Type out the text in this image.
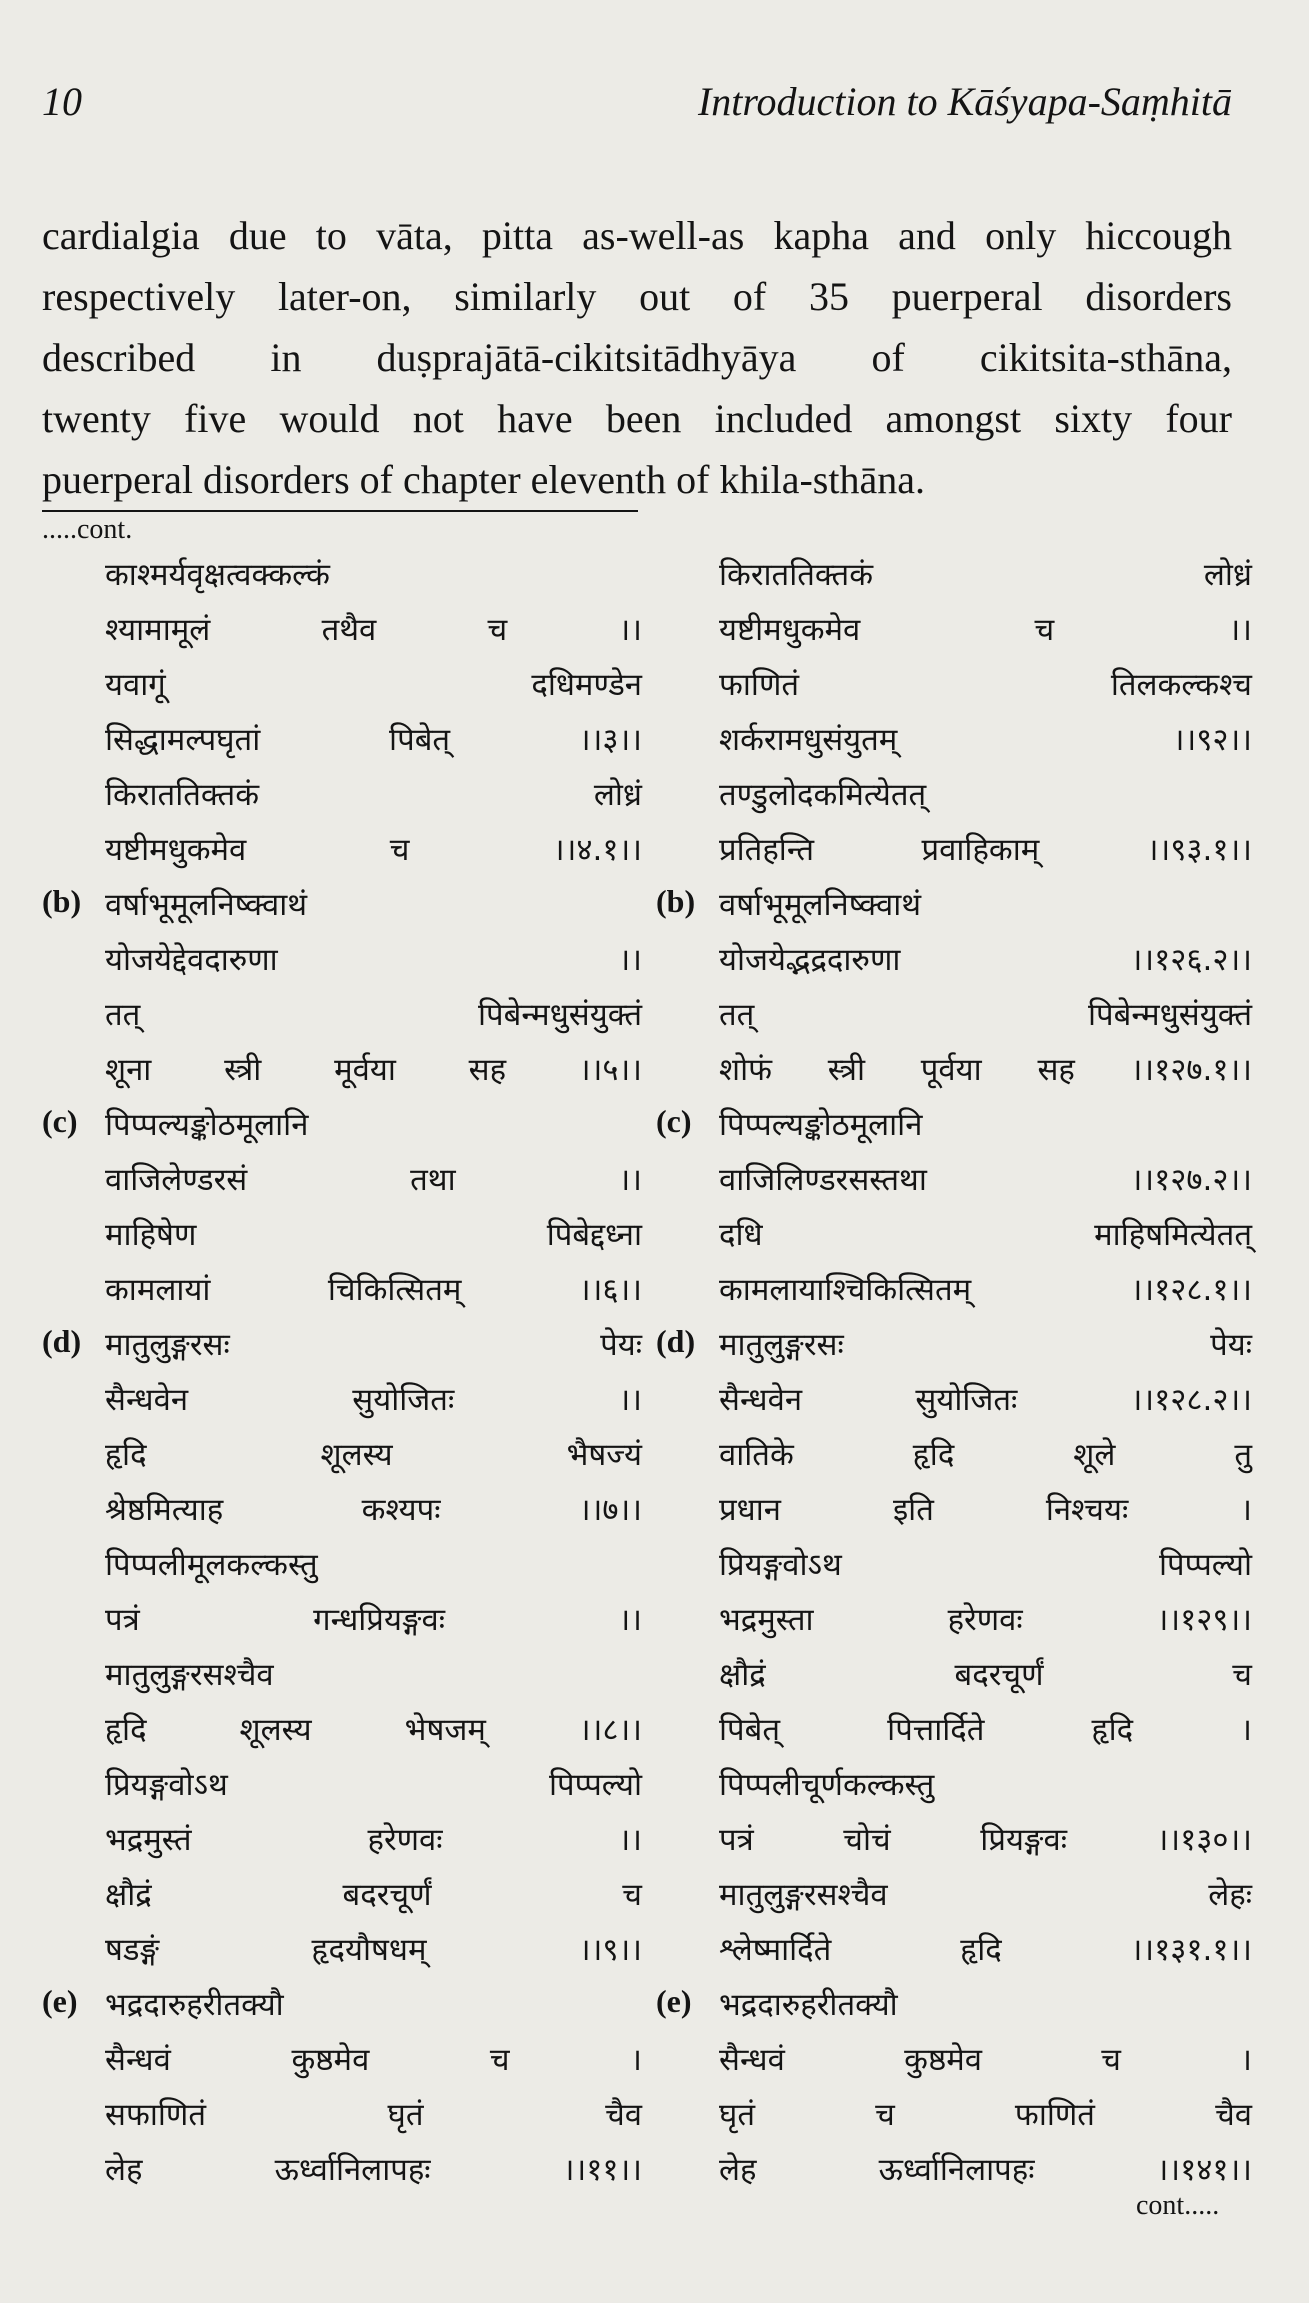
10	Introduction to Kāśyapa-Saṃhitā
cardialgia due to vāta, pitta as-well-as kapha and only hiccough
respectively later-on, similarly out of 35 puerperal disorders
described in duṣprajātā-cikitsitādhyāya of cikitsita-sthāna,
twenty five would not have been included amongst sixty four
puerperal disorders of chapter eleventh of khila-sthāna.
.....cont.
काश्मर्यवृक्षत्वक्कल्कं
श्यामामूलं तथैव च ।।
यवागूं दधिमण्डेन
सिद्धामल्पघृतां पिबेत् ।।३।।
किराततिक्तकं लोध्रं
यष्टीमधुकमेव च ।।४.१।।
(b) वर्षाभूमूलनिष्क्वाथं
योजयेद्देवदारुणा ।।
तत् पिबेन्मधुसंयुक्तं
शूना स्त्री मूर्वया सह ।।५।।
(c) पिप्पल्यङ्कोठमूलानि
वाजिलेण्डरसं तथा ।।
माहिषेण पिबेद्दध्ना
कामलायां चिकित्सितम् ।।६।।
(d) मातुलुङ्गरसः पेयः
सैन्धवेन सुयोजितः ।।
हृदि शूलस्य भैषज्यं
श्रेष्ठमित्याह कश्यपः ।।७।।
पिप्पलीमूलकल्कस्तु
पत्रं गन्धप्रियङ्गवः ।।
मातुलुङ्गरसश्चैव
हृदि शूलस्य भेषजम् ।।८।।
प्रियङ्गवोऽथ पिप्पल्यो
भद्रमुस्तं हरेणवः ।।
क्षौद्रं बदरचूर्णं च
षडङ्गं हृदयौषधम् ।।९।।
(e) भद्रदारुहरीतक्यौ
सैन्धवं कुष्ठमेव च ।
सफाणितं घृतं चैव
लेह ऊर्ध्वानिलापहः ।।११।।
किराततिक्तकं लोध्रं
यष्टीमधुकमेव च ।।
फाणितं तिलकल्कश्च
शर्करामधुसंयुतम् ।।९२।।
तण्डुलोदकमित्येतत्
प्रतिहन्ति प्रवाहिकाम् ।।९३.१।।
(b) वर्षाभूमूलनिष्क्वाथं
योजयेद्भद्रदारुणा ।।१२६.२।।
तत् पिबेन्मधुसंयुक्तं
शोफं स्त्री पूर्वया सह ।।१२७.१।।
(c) पिप्पल्यङ्कोठमूलानि
वाजिलिण्डरसस्तथा ।।१२७.२।।
दधि माहिषमित्येतत्
कामलायाश्चिकित्सितम् ।।१२८.१।।
(d) मातुलुङ्गरसः पेयः
सैन्धवेन सुयोजितः ।।१२८.२।।
वातिके हृदि शूले तु
प्रधान इति निश्चयः ।
प्रियङ्गवोऽथ पिप्पल्यो
भद्रमुस्ता हरेणवः ।।१२९।।
क्षौद्रं बदरचूर्णं च
पिबेत् पित्तार्दिते हृदि ।
पिप्पलीचूर्णकल्कस्तु
पत्रं चोचं प्रियङ्गवः ।।१३०।।
मातुलुङ्गरसश्चैव लेहः
श्लेष्मार्दिते हृदि ।।१३१.१।।
(e) भद्रदारुहरीतक्यौ
सैन्धवं कुष्ठमेव च ।
घृतं च फाणितं चैव
लेह ऊर्ध्वानिलापहः ।।१४१।।
cont.....
